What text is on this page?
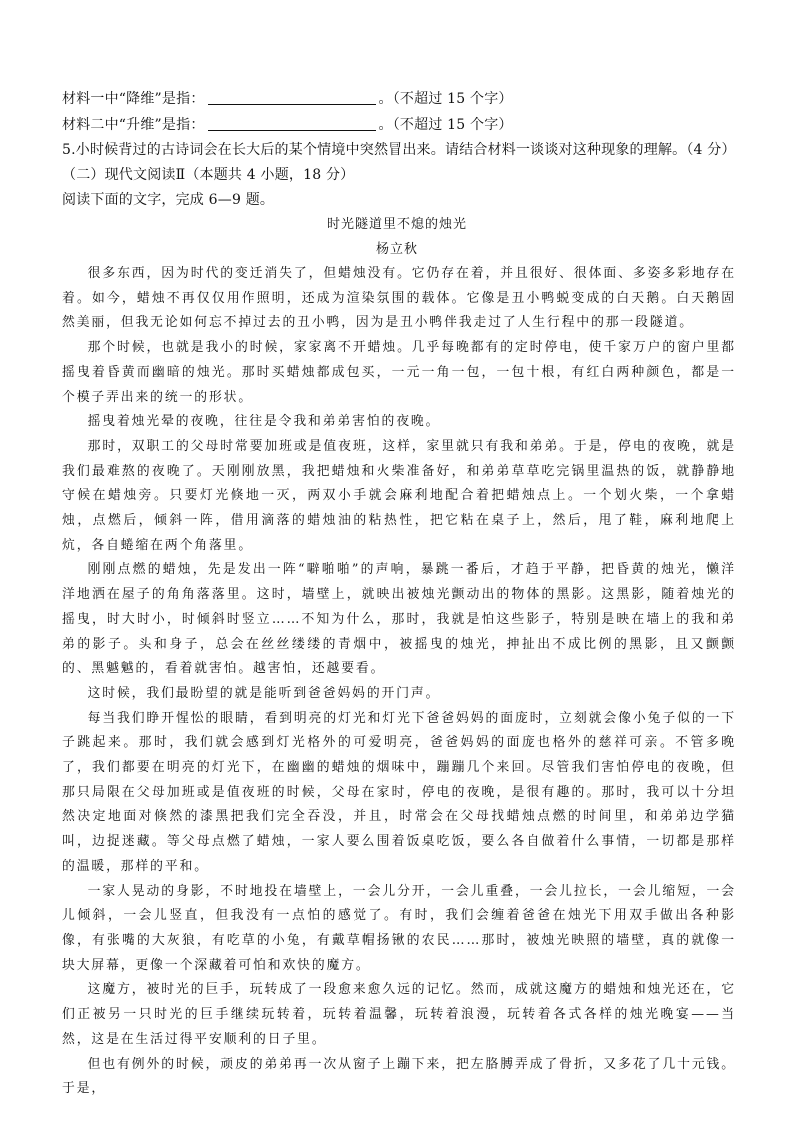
材料一中“降维”是指：	。（不超过 15 个字）
材料二中“升维”是指：	。（不超过 15 个字）
5.小时候背过的古诗词会在长大后的某个情境中突然冒出来。请结合材料一谈谈对这种现象的理解。（4 分）
（二）现代文阅读Ⅱ（本题共 4 小题，18 分）
阅读下面的文字，完成 6—9 题。
时光隧道里不熄的烛光
杨立秋

很多东西，因为时代的变迁消失了，但蜡烛没有。它仍存在着，并且很好、很体面、多姿多彩地存在着。如今，蜡烛不再仅仅用作照明，还成为渲染氛围的载体。它像是丑小鸭蜕变成的白天鹅。白天鹅固然美丽，但我无论如何忘不掉过去的丑小鸭，因为是丑小鸭伴我走过了人生行程中的那一段隧道。

那个时候，也就是我小的时候，家家离不开蜡烛。几乎每晚都有的定时停电，使千家万户的窗户里都摇曳着昏黄而幽暗的烛光。那时买蜡烛都成包买，一元一角一包，一包十根，有红白两种颜色，都是一个模子弄出来的统一的形状。

摇曳着烛光晕的夜晚，往往是令我和弟弟害怕的夜晚。

那时，双职工的父母时常要加班或是值夜班，这样，家里就只有我和弟弟。于是，停电的夜晚，就是我们最难熬的夜晚了。天刚刚放黑，我把蜡烛和火柴准备好，和弟弟草草吃完锅里温热的饭，就静静地守候在蜡烛旁。只要灯光倏地一灭，两双小手就会麻利地配合着把蜡烛点上。一个划火柴，一个拿蜡烛，点燃后，倾斜一阵，借用滴落的蜡烛油的粘热性，把它粘在桌子上，然后，甩了鞋，麻利地爬上炕，各自蜷缩在两个角落里。

刚刚点燃的蜡烛，先是发出一阵“噼啪啪”的声响，暴跳一番后，才趋于平静，把昏黄的烛光，懒洋洋地洒在屋子的角角落落里。这时，墙壁上，就映出被烛光颤动出的物体的黑影。这黑影，随着烛光的摇曳，时大时小，时倾斜时竖立……不知为什么，那时，我就是怕这些影子，特别是映在墙上的我和弟弟的影子。头和身子，总会在丝丝缕缕的青烟中，被摇曳的烛光，抻扯出不成比例的黑影，且又颤颤的、黑魆魆的，看着就害怕。越害怕，还越要看。

这时候，我们最盼望的就是能听到爸爸妈妈的开门声。

每当我们睁开惺忪的眼睛，看到明亮的灯光和灯光下爸爸妈妈的面庞时，立刻就会像小兔子似的一下子跳起来。那时，我们就会感到灯光格外的可爱明亮，爸爸妈妈的面庞也格外的慈祥可亲。不管多晚了，我们都要在明亮的灯光下，在幽幽的蜡烛的烟味中，蹦蹦几个来回。尽管我们害怕停电的夜晚，但那只局限在父母加班或是值夜班的时候，父母在家时，停电的夜晚，是很有趣的。那时，我可以十分坦然决定地面对倏然的漆黑把我们完全吞没，并且，时常会在父母找蜡烛点燃的时间里，和弟弟边学猫叫，边捉迷藏。等父母点燃了蜡烛，一家人要么围着饭桌吃饭，要么各自做着什么事情，一切都是那样的温暖，那样的平和。

一家人晃动的身影，不时地投在墙壁上，一会儿分开，一会儿重叠，一会儿拉长，一会儿缩短，一会儿倾斜，一会儿竖直，但我没有一点怕的感觉了。有时，我们会缠着爸爸在烛光下用双手做出各种影像，有张嘴的大灰狼，有吃草的小兔，有戴草帽扬锹的农民……那时，被烛光映照的墙壁，真的就像一块大屏幕，更像一个深藏着可怕和欢快的魔方。

这魔方，被时光的巨手，玩转成了一段愈来愈久远的记忆。然而，成就这魔方的蜡烛和烛光还在，它们正被另一只时光的巨手继续玩转着，玩转着温馨，玩转着浪漫，玩转着各式各样的烛光晚宴——当然，这是在生活过得平安顺利的日子里。

但也有例外的时候，顽皮的弟弟再一次从窗子上蹦下来，把左胳膊弄成了骨折，又多花了几十元钱。于是，
